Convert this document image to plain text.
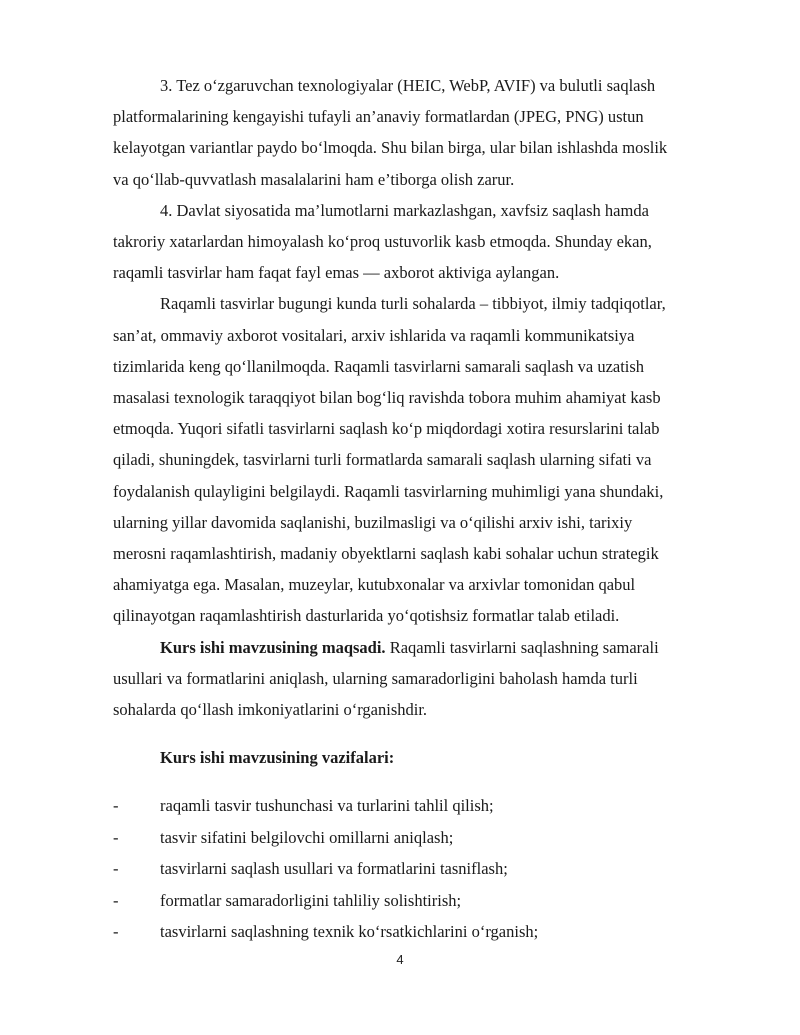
3. Tez o‘zgaruvchan texnologiyalar (HEIC, WebP, AVIF) va bulutli saqlash
platformalarining kengayishi tufayli an’anaviy formatlardan (JPEG, PNG) ustun
kelayotgan variantlar paydo bo‘lmoqda. Shu bilan birga, ular bilan ishlashda moslik
va qo‘llab-quvvatlash masalalarini ham e’tiborga olish zarur.

4. Davlat siyosatida ma’lumotlarni markazlashgan, xavfsiz saqlash hamda
takroriy xatarlardan himoyalash ko‘proq ustuvorlik kasb etmoqda. Shunday ekan,
raqamli tasvirlar ham faqat fayl emas — axborot aktiviga aylangan.

Raqamli tasvirlar bugungi kunda turli sohalarda – tibbiyot, ilmiy tadqiqotlar,
san’at, ommaviy axborot vositalari, arxiv ishlarida va raqamli kommunikatsiya
tizimlarida keng qo‘llanilmoqda. Raqamli tasvirlarni samarali saqlash va uzatish
masalasi texnologik taraqqiyot bilan bog‘liq ravishda tobora muhim ahamiyat kasb
etmoqda. Yuqori sifatli tasvirlarni saqlash ko‘p miqdordagi xotira resurslarini talab
qiladi, shuningdek, tasvirlarni turli formatlarda samarali saqlash ularning sifati va
foydalanish qulayligini belgilaydi. Raqamli tasvirlarning muhimligi yana shundaki,
ularning yillar davomida saqlanishi, buzilmasligi va o‘qilishi arxiv ishi, tarixiy
merosni raqamlashtirish, madaniy obyektlarni saqlash kabi sohalar uchun strategik
ahamiyatga ega. Masalan, muzeylar, kutubxonalar va arxivlar tomonidan qabul
qilinayotgan raqamlashtirish dasturlarida yo‘qotishsiz formatlar talab etiladi.

Kurs ishi mavzusining maqsadi. Raqamli tasvirlarni saqlashning samarali
usullari va formatlarini aniqlash, ularning samaradorligini baholash hamda turli
sohalarda qo‘llash imkoniyatlarini o‘rganishdir.

Kurs ishi mavzusining vazifalari:

-	raqamli tasvir tushunchasi va turlarini tahlil qilish;
-	tasvir sifatini belgilovchi omillarni aniqlash;
-	tasvirlarni saqlash usullari va formatlarini tasniflash;
-	formatlar samaradorligini tahliliy solishtirish;
-	tasvirlarni saqlashning texnik ko‘rsatkichlarini o‘rganish;
4
